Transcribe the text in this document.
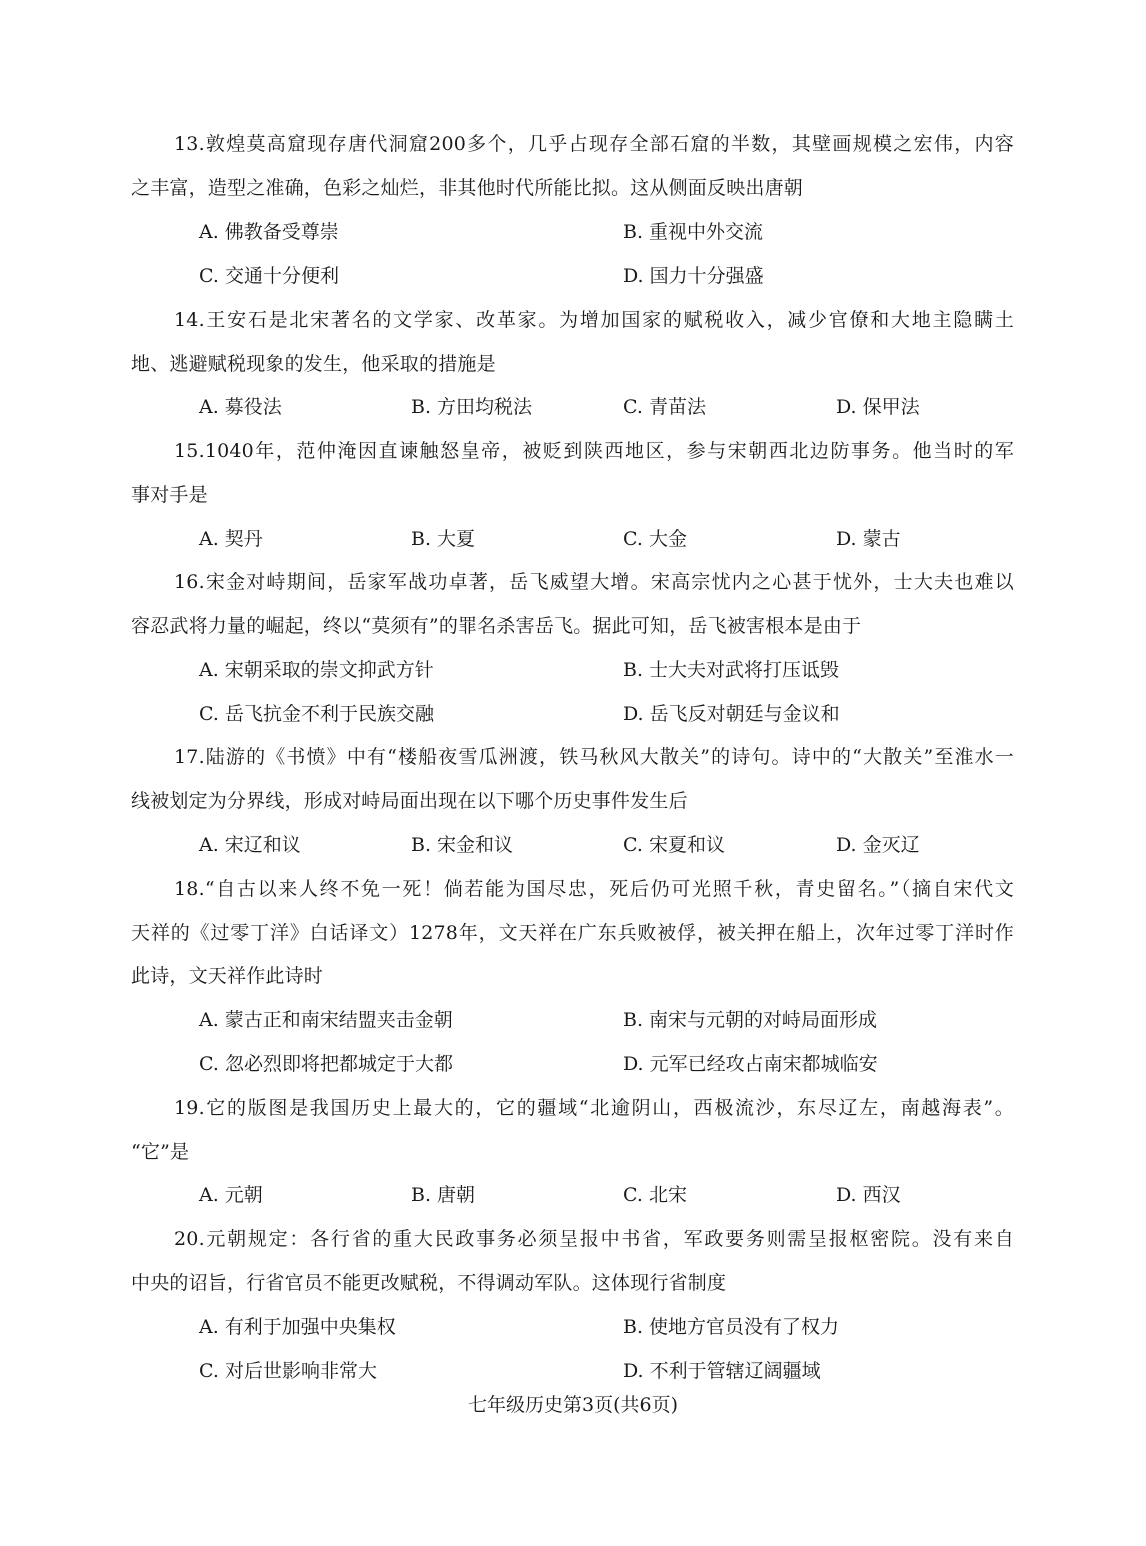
13.敦煌莫高窟现存唐代洞窟200多个，几乎占现存全部石窟的半数，其壁画规模之宏伟，内容
之丰富，造型之准确，色彩之灿烂，非其他时代所能比拟。这从侧面反映出唐朝
A. 佛教备受尊崇	B. 重视中外交流
C. 交通十分便利	D. 国力十分强盛
14.王安石是北宋著名的文学家、改革家。为增加国家的赋税收入，减少官僚和大地主隐瞒土
地、逃避赋税现象的发生，他采取的措施是
A. 募役法	B. 方田均税法	C. 青苗法	D. 保甲法
15.1040年，范仲淹因直谏触怒皇帝，被贬到陕西地区，参与宋朝西北边防事务。他当时的军
事对手是
A. 契丹	B. 大夏	C. 大金	D. 蒙古
16.宋金对峙期间，岳家军战功卓著，岳飞威望大增。宋高宗忧内之心甚于忧外，士大夫也难以
容忍武将力量的崛起，终以“莫须有”的罪名杀害岳飞。据此可知，岳飞被害根本是由于
A. 宋朝采取的崇文抑武方针	B. 士大夫对武将打压诋毁
C. 岳飞抗金不利于民族交融	D. 岳飞反对朝廷与金议和
17.陆游的《书愤》中有“楼船夜雪瓜洲渡，铁马秋风大散关”的诗句。诗中的“大散关”至淮水一
线被划定为分界线，形成对峙局面出现在以下哪个历史事件发生后
A. 宋辽和议	B. 宋金和议	C. 宋夏和议	D. 金灭辽
18.“自古以来人终不免一死！倘若能为国尽忠，死后仍可光照千秋，青史留名。”（摘自宋代文
天祥的《过零丁洋》白话译文）1278年，文天祥在广东兵败被俘，被关押在船上，次年过零丁洋时作
此诗，文天祥作此诗时
A. 蒙古正和南宋结盟夹击金朝	B. 南宋与元朝的对峙局面形成
C. 忽必烈即将把都城定于大都	D. 元军已经攻占南宋都城临安
19.它的版图是我国历史上最大的，它的疆域“北逾阴山，西极流沙，东尽辽左，南越海表”。
“它”是
A. 元朝	B. 唐朝	C. 北宋	D. 西汉
20.元朝规定：各行省的重大民政事务必须呈报中书省，军政要务则需呈报枢密院。没有来自
中央的诏旨，行省官员不能更改赋税，不得调动军队。这体现行省制度
A. 有利于加强中央集权	B. 使地方官员没有了权力
C. 对后世影响非常大	D. 不利于管辖辽阔疆域
七年级历史第3页(共6页)
